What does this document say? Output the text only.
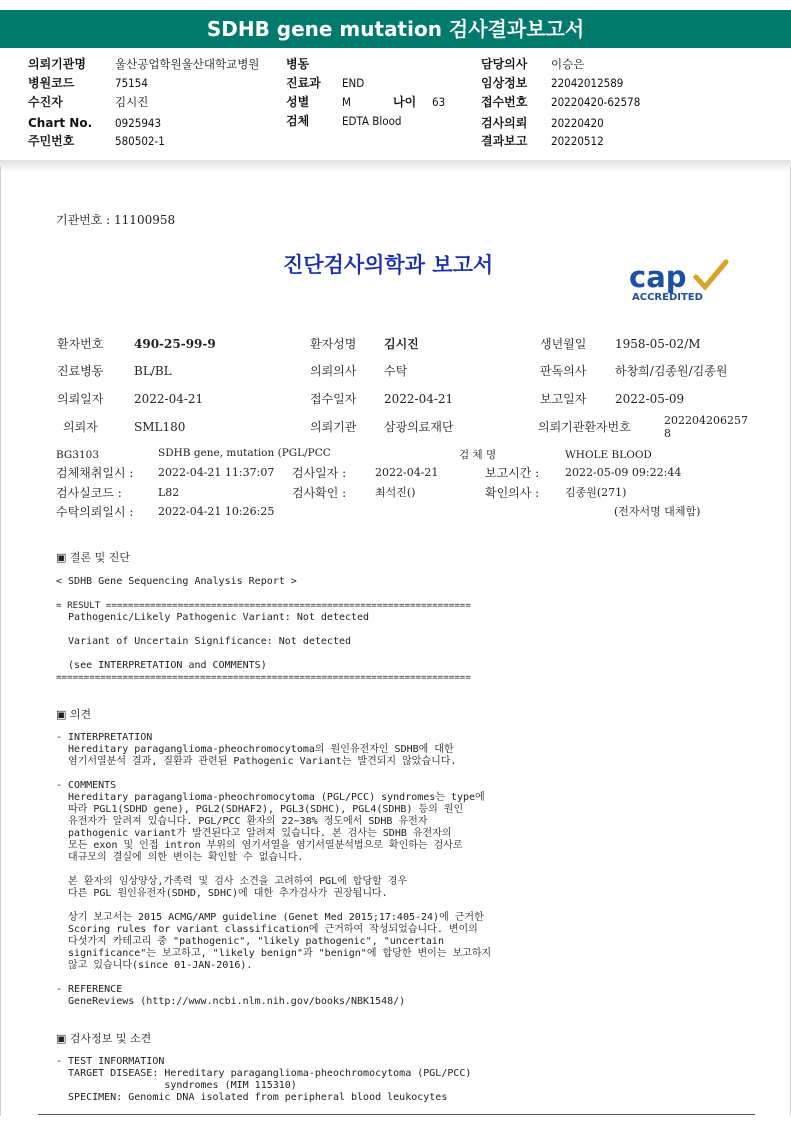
SDHB gene mutation 검사결과보고서
의뢰기관명	울산공업학원울산대학교병원 병동	담당의사 이승은
병원코드	75154	진료과 END	임상정보 22042012589
수진자	김시진	성별	M	나이 63	접수번호 20220420-62578
Chart No. 0925943	검체	EDTA Blood	검사의뢰 20220420
주민번호	580502-1	결과보고 20220512
기관번호 : 11100958
진단검사의학과 보고서	cap
ACCREDITED
환자번호	490-25-99-9	환자성명 김시진	생년월일 1958-05-02/M
진료병동	BL/BL	의뢰의사 수탁	판독의사 하창희/김종원/김종원
의뢰일자	2022-04-21	접수일자 2022-04-21	보고일자 2022-05-09
의뢰자	SML180	의뢰기관 삼광의료재단	의뢰기관환자번호	202204206257
8
BG3103	SDHB gene, mutation (PGL/PCC	검 체 명	WHOLE BLOOD
검체채취일시 : 2022-04-21 11:37:07 검사일자 :	2022-04-21	보고시간 : 2022-05-09 09:22:44
검사실코드 :	L82	검사확인 :	최석진()	확인의사 : 김종원(271)
수탁의뢰일시 : 2022-04-21 10:26:25	(전자서명 대체함)
▣ 결론 및 진단
< SDHB Gene Sequencing Analysis Report >
= RESULT ==================================================================
Pathogenic/Likely Pathogenic Variant: Not detected
Variant of Uncertain Significance: Not detected
(see INTERPRETATION and COMMENTS)
===========================================================================
▣ 의견
- INTERPRETATION
Hereditary paraganglioma-pheochromocytoma의 원인유전자인 SDHB에 대한
염기서열분석 결과, 질환과 관련된 Pathogenic Variant는 발견되지 않았습니다.
- COMMENTS
Hereditary paraganglioma-pheochromocytoma (PGL/PCC) syndromes는 type에
따라 PGL1(SDHD gene), PGL2(SDHAF2), PGL3(SDHC), PGL4(SDHB) 등의 원인
유전자가 알려져 있습니다. PGL/PCC 환자의 22~38% 정도에서 SDHB 유전자
pathogenic variant가 발견된다고 알려져 있습니다. 본 검사는 SDHB 유전자의
모든 exon 및 인접 intron 부위의 염기서열을 염기서열분석법으로 확인하는 검사로
대규모의 결실에 의한 변이는 확인할 수 없습니다.
본 환자의 임상양상,가족력 및 검사 소견을 고려하여 PGL에 합당할 경우
다른 PGL 원인유전자(SDHD, SDHC)에 대한 추가검사가 권장됩니다.
상기 보고서는 2015 ACMG/AMP guideline (Genet Med 2015;17:405-24)에 근거한
Scoring rules for variant classification에 근거하여 작성되었습니다. 변이의
다섯가지 카테고리 중 "pathogenic", "likely pathogenic", "uncertain
significance"는 보고하고, "likely benign"과 "benign"에 합당한 변이는 보고하지
않고 있습니다(since 01-JAN-2016).
- REFERENCE
GeneReviews (http://www.ncbi.nlm.nih.gov/books/NBK1548/)
▣ 검사정보 및 소견
- TEST INFORMATION
TARGET DISEASE: Hereditary paraganglioma-pheochromocytoma (PGL/PCC)
syndromes (MIM 115310)
SPECIMEN: Genomic DNA isolated from peripheral blood leukocytes
